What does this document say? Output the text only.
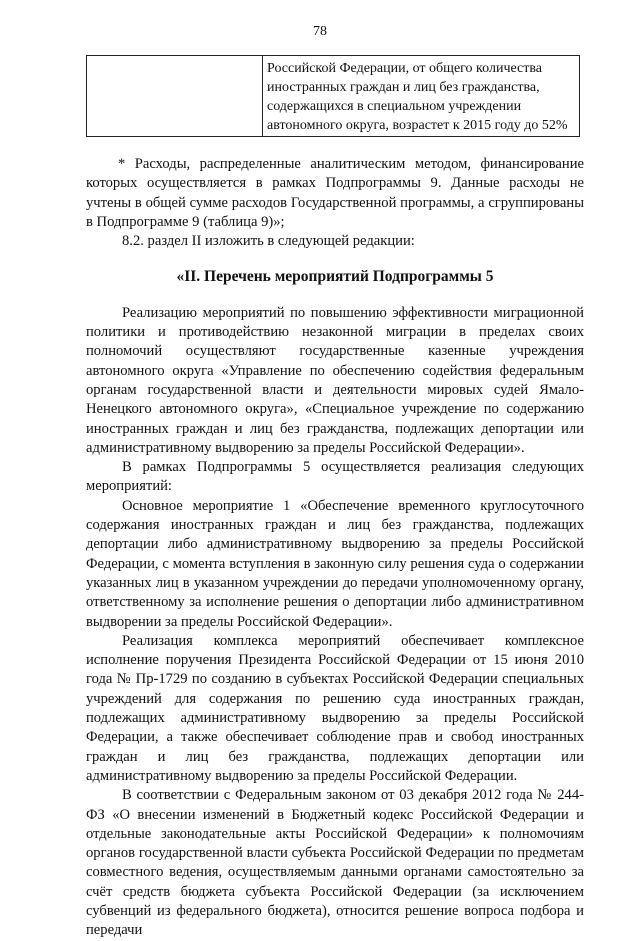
78
	Российской Федерации, от общего количества иностранных граждан и лиц без гражданства, содержащихся в специальном учреждении автономного округа, возрастет к 2015 году до 52%

* Расходы, распределенные аналитическим методом, финансирование которых осуществляется в рамках Подпрограммы 9. Данные расходы не учтены в общей сумме расходов Государственной программы, а сгруппированы в Подпрограмме 9 (таблица 9)»;

8.2. раздел II изложить в следующей редакции:

«II. Перечень мероприятий Подпрограммы 5

Реализацию мероприятий по повышению эффективности миграционной политики и противодействию незаконной миграции в пределах своих полномочий осуществляют государственные казенные учреждения автономного округа «Управление по обеспечению содействия федеральным органам государственной власти и деятельности мировых судей Ямало-Ненецкого автономного округа», «Специальное учреждение по содержанию иностранных граждан и лиц без гражданства, подлежащих депортации или административному выдворению за пределы Российской Федерации».

В рамках Подпрограммы 5 осуществляется реализация следующих мероприятий:

Основное мероприятие 1 «Обеспечение временного круглосуточного содержания иностранных граждан и лиц без гражданства, подлежащих депортации либо административному выдворению за пределы Российской Федерации, с момента вступления в законную силу решения суда о содержании указанных лиц в указанном учреждении до передачи уполномоченному органу, ответственному за исполнение решения о депортации либо административном выдворении за пределы Российской Федерации».

Реализация комплекса мероприятий обеспечивает комплексное исполнение поручения Президента Российской Федерации от 15 июня 2010 года № Пр-1729 по созданию в субъектах Российской Федерации специальных учреждений для содержания по решению суда иностранных граждан, подлежащих административному выдворению за пределы Российской Федерации, а также обеспечивает соблюдение прав и свобод иностранных граждан и лиц без гражданства, подлежащих депортации или административному выдворению за пределы Российской Федерации.

В соответствии с Федеральным законом от 03 декабря 2012 года № 244-ФЗ «О внесении изменений в Бюджетный кодекс Российской Федерации и отдельные законодательные акты Российской Федерации» к полномочиям органов государственной власти субъекта Российской Федерации по предметам совместного ведения, осуществляемым данными органами самостоятельно за счёт средств бюджета субъекта Российской Федерации (за исключением субвенций из федерального бюджета), относится решение вопроса подбора и передачи
